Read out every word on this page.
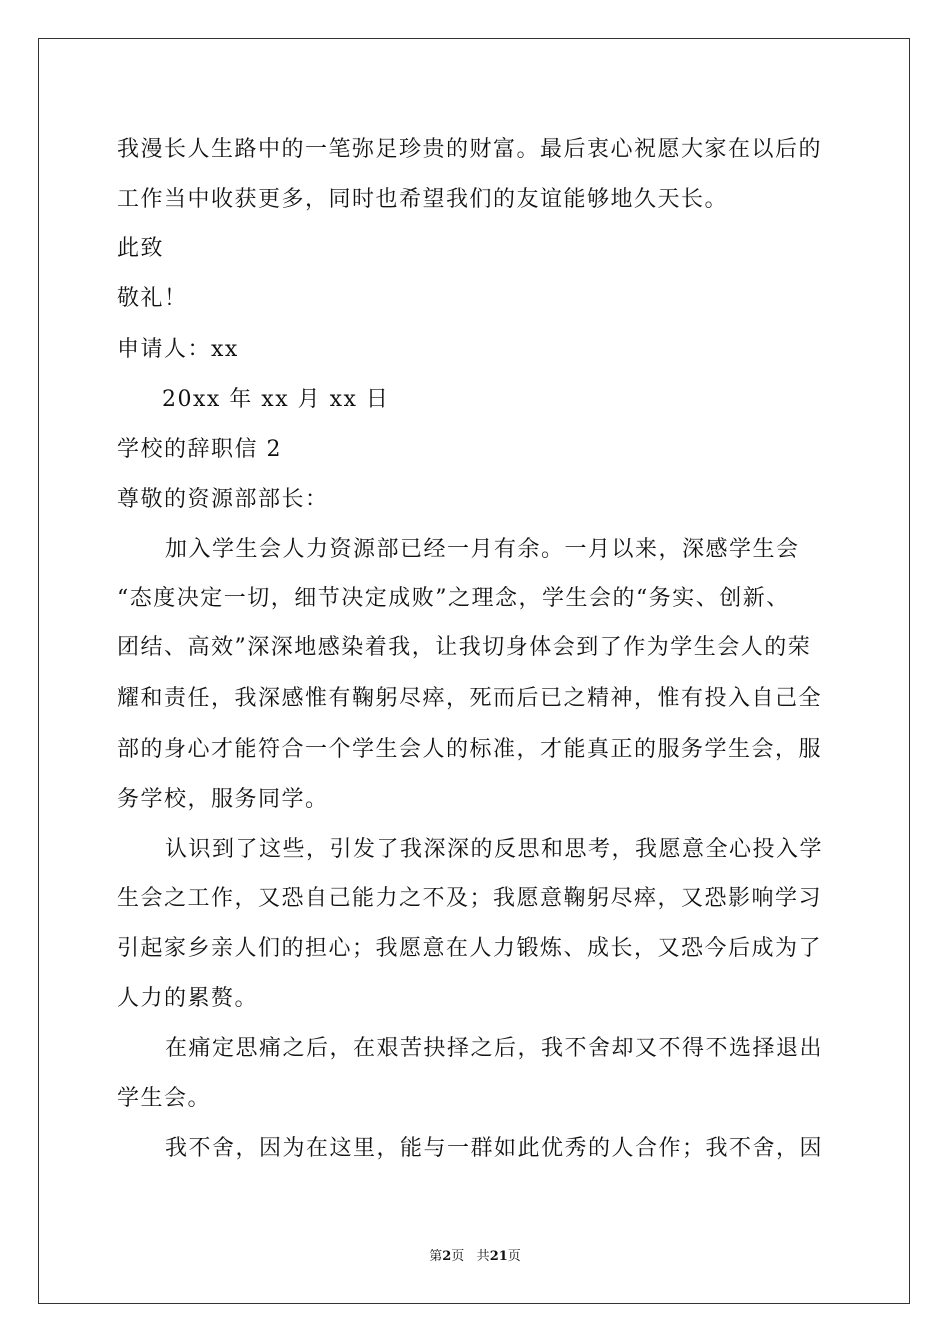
我漫长人生路中的一笔弥足珍贵的财富。最后衷心祝愿大家在以后的
工作当中收获更多，同时也希望我们的友谊能够地久天长。
此致
敬礼！
申请人：xx
20xx 年 xx 月 xx 日
学校的辞职信 2
尊敬的资源部部长：
加入学生会人力资源部已经一月有余。一月以来，深感学生会
“态度决定一切，细节决定成败”之理念，学生会的“务实、创新、
团结、高效”深深地感染着我，让我切身体会到了作为学生会人的荣
耀和责任，我深感惟有鞠躬尽瘁，死而后已之精神，惟有投入自己全
部的身心才能符合一个学生会人的标准，才能真正的服务学生会，服
务学校，服务同学。
认识到了这些，引发了我深深的反思和思考，我愿意全心投入学
生会之工作，又恐自己能力之不及；我愿意鞠躬尽瘁，又恐影响学习
引起家乡亲人们的担心；我愿意在人力锻炼、成长，又恐今后成为了
人力的累赘。
在痛定思痛之后，在艰苦抉择之后，我不舍却又不得不选择退出
学生会。
我不舍，因为在这里，能与一群如此优秀的人合作；我不舍，因
第2页 共21页
